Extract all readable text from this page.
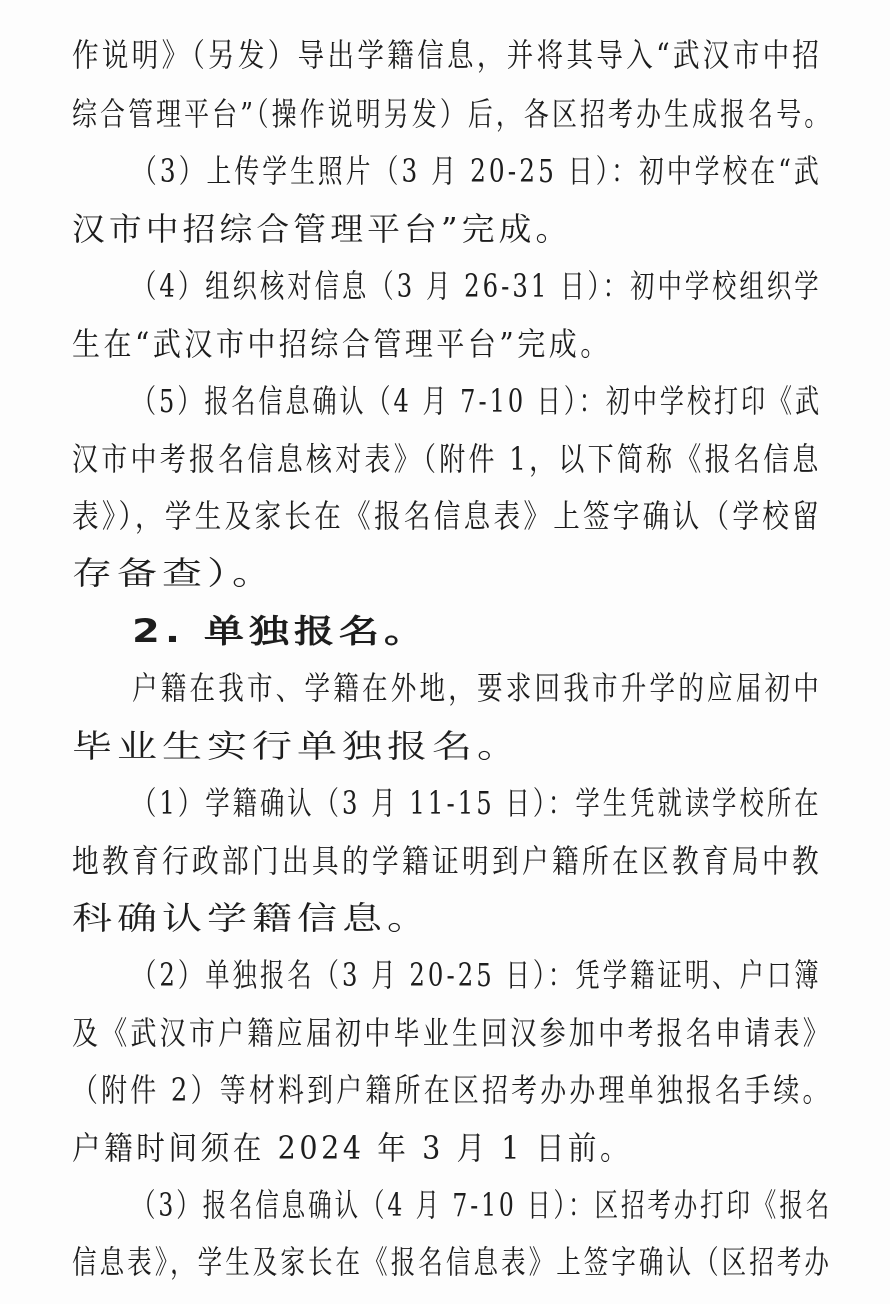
作说明》（另发）导出学籍信息，并将其导入“武汉市中招
综合管理平台”（操作说明另发）后，各区招考办生成报名号。
（3）上传学生照片（3 月 20-25 日）：初中学校在“武
汉市中招综合管理平台”完成。
（4）组织核对信息（3 月 26-31 日）：初中学校组织学
生在“武汉市中招综合管理平台”完成。
（5）报名信息确认（4 月 7-10 日）：初中学校打印《武
汉市中考报名信息核对表》（附件 1，以下简称《报名信息
表》），学生及家长在《报名信息表》上签字确认（学校留
存备查）。
2. 单独报名。
户籍在我市、学籍在外地，要求回我市升学的应届初中
毕业生实行单独报名。
（1）学籍确认（3 月 11-15 日）：学生凭就读学校所在
地教育行政部门出具的学籍证明到户籍所在区教育局中教
科确认学籍信息。
（2）单独报名（3 月 20-25 日）：凭学籍证明、户口簿
及《武汉市户籍应届初中毕业生回汉参加中考报名申请表》
（附件 2）等材料到户籍所在区招考办办理单独报名手续。
户籍时间须在 2024 年 3 月 1 日前。
（3）报名信息确认（4 月 7-10 日）：区招考办打印《报名
信息表》，学生及家长在《报名信息表》上签字确认（区招考办
